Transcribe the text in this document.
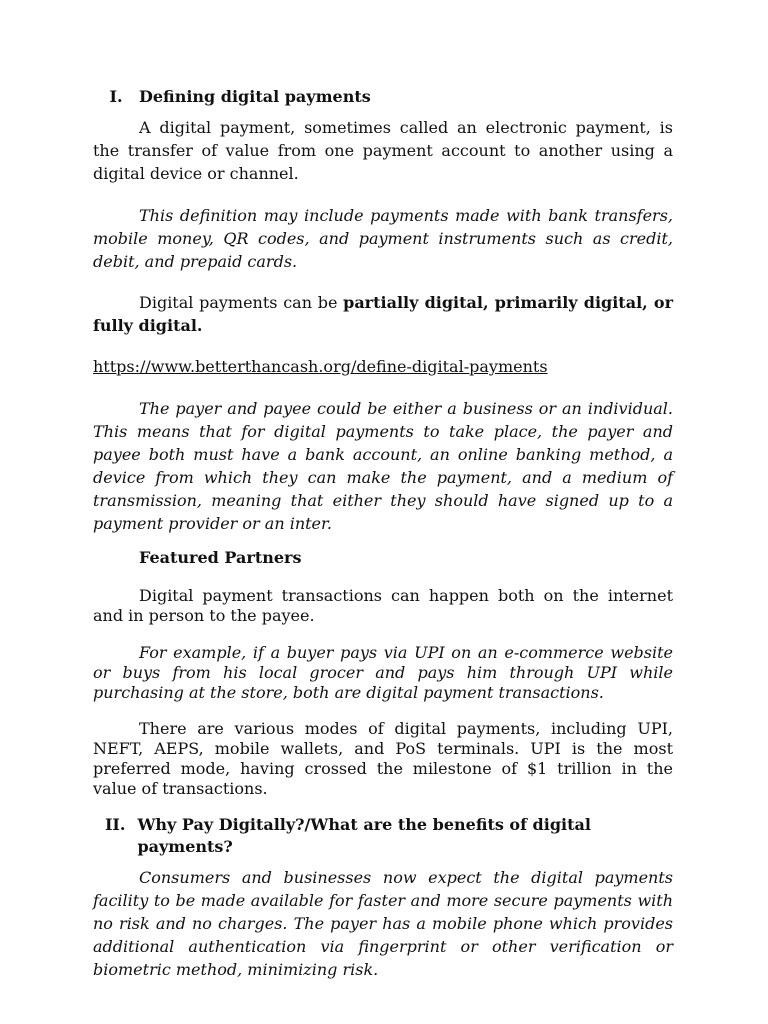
I.	Defining digital payments

A digital payment, sometimes called an electronic payment, is the transfer of value from one payment account to another using a digital device or channel.

This definition may include payments made with bank transfers, mobile money, QR codes, and payment instruments such as credit, debit, and prepaid cards.

Digital payments can be partially digital, primarily digital, or fully digital.

https://www.betterthancash.org/define-digital-payments

The payer and payee could be either a business or an individual. This means that for digital payments to take place, the payer and payee both must have a bank account, an online banking method, a device from which they can make the payment, and a medium of transmission, meaning that either they should have signed up to a payment provider or an inter.

Featured Partners

Digital payment transactions can happen both on the internet and in person to the payee.

For example, if a buyer pays via UPI on an e-commerce website or buys from his local grocer and pays him through UPI while purchasing at the store, both are digital payment transactions.

There are various modes of digital payments, including UPI, NEFT, AEPS, mobile wallets, and PoS terminals. UPI is the most preferred mode, having crossed the milestone of $1 trillion in the value of transactions.

II. Why Pay Digitally?/What are the benefits of digital payments?

Consumers and businesses now expect the digital payments facility to be made available for faster and more secure payments with no risk and no charges. The payer has a mobile phone which provides additional authentication via fingerprint or other verification or biometric method, minimizing risk.
